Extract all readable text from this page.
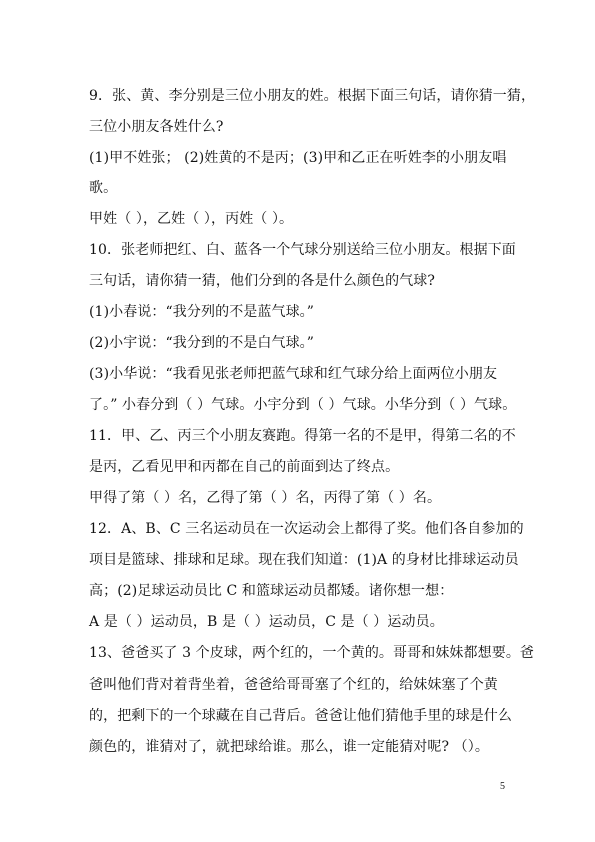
9．张、黄、李分别是三位小朋友的姓。根据下面三句话，请你猜一猜，
三位小朋友各姓什么?
(1)甲不姓张； (2)姓黄的不是丙；(3)甲和乙正在听姓李的小朋友唱
歌。
甲姓（ ），乙姓（ ），丙姓（ ）。
10．张老师把红、白、蓝各一个气球分别送给三位小朋友。根据下面
三句话，请你猜一猜，他们分到的各是什么颜色的气球?
(1)小春说：“我分列的不是蓝气球。”
(2)小宇说：“我分到的不是白气球。”
(3)小华说：“我看见张老师把蓝气球和红气球分给上面两位小朋友
了。” 小春分到（ ）气球。小宇分到（ ）气球。小华分到（ ）气球。
11．甲、乙、丙三个小朋友赛跑。得第一名的不是甲，得第二名的不
是丙，乙看见甲和丙都在自己的前面到达了终点。
甲得了第（ ）名，乙得了第（ ）名，丙得了第（ ）名。
12．A、B、C 三名运动员在一次运动会上都得了奖。他们各自参加的
项目是篮球、排球和足球。现在我们知道：(1)A 的身材比排球运动员
高；(2)足球运动员比 C 和篮球运动员都矮。诸你想一想：
A 是（ ）运动员，B 是（ ）运动员，C 是（ ）运动员。
13、爸爸买了 3 个皮球，两个红的，一个黄的。哥哥和妹妹都想要。爸
爸叫他们背对着背坐着，爸爸给哥哥塞了个红的，给妹妹塞了个黄
的，把剩下的一个球藏在自己背后。爸爸让他们猜他手里的球是什么
颜色的，谁猜对了，就把球给谁。那么，谁一定能猜对呢? （）。
5
